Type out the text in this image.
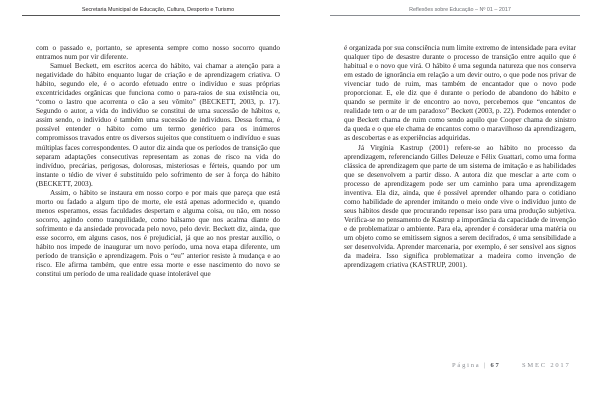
Secretaria Municipal de Educação, Cultura, Desporto e Turismo	Reflexões sobre Educação – Nº 01 – 2017

com o passado e, portanto, se apresenta sempre como nosso socorro quando entramos num por vir diferente.

Samuel Beckett, em escritos acerca do hábito, vai chamar a atenção para a negatividade do hábito enquanto lugar de criação e de aprendizagem criativa. O hábito, segundo ele, é o acordo efetuado entre o indivíduo e suas próprias excentricidades orgânicas que funciona como o para-raios de sua existência ou, “como o lastro que acorrenta o cão a seu vômito” (BECKETT, 2003, p. 17). Segundo o autor, a vida do indivíduo se constitui de uma sucessão de hábitos e, assim sendo, o indivíduo é também uma sucessão de indivíduos. Dessa forma, é possível entender o hábito como um termo genérico para os inúmeros compromissos travados entre os diversos sujeitos que constituem o indivíduo e suas múltiplas faces correspondentes. O autor diz ainda que os períodos de transição que separam adaptações consecutivas representam as zonas de risco na vida do indivíduo, precárias, perigosas, dolorosas, misteriosas e férteis, quando por um instante o tédio de viver é substituído pelo sofrimento de ser à força do hábito (BECKETT, 2003).

Assim, o hábito se instaura em nosso corpo e por mais que pareça que está morto ou fadado a algum tipo de morte, ele está apenas adormecido e, quando menos esperamos, essas faculdades despertam e alguma coisa, ou não, em nosso socorro, agindo como tranquilidade, como bálsamo que nos acalma diante do sofrimento e da ansiedade provocada pelo novo, pelo devir. Beckett diz, ainda, que esse socorro, em alguns casos, nos é prejudicial, já que ao nos prestar auxílio, o hábito nos impede de inaugurar um novo período, uma nova etapa diferente, um período de transição e aprendizagem. Pois o “eu” anterior resiste à mudança e ao risco. Ele afirma também, que entre essa morte e esse nascimento do novo se constitui um período de uma realidade quase intolerável que

é organizada por sua consciência num limite extremo de intensidade para evitar qualquer tipo de desastre durante o processo de transição entre aquilo que é habitual e o novo que virá. O hábito é uma segunda natureza que nos conserva em estado de ignorância em relação a um devir outro, o que pode nos privar de vivenciar tudo de ruim, mas também de encantador que o novo pode proporcionar. E, ele diz que é durante o período de abandono do hábito e quando se permite ir de encontro ao novo, percebemos que “encantos de realidade tem o ar de um paradoxo” Beckett (2003, p. 22). Podemos entender o que Beckett chama de ruim como sendo aquilo que Cooper chama de sinistro da queda e o que ele chama de encantos como o maravilhoso da aprendizagem, as descobertas e as experiências adquiridas.

Já Virgínia Kastrup (2001) refere-se ao hábito no processo da aprendizagem, referenciando Gilles Deleuze e Félix Guattari, como uma forma clássica de aprendizagem que parte de um sistema de imitação e as habilidades que se desenvolvem a partir disso. A autora diz que mesclar a arte com o processo de aprendizagem pode ser um caminho para uma aprendizagem inventiva. Ela diz, ainda, que é possível aprender olhando para o cotidiano como habilidade de aprender imitando o meio onde vive o indivíduo junto de seus hábitos desde que procurando repensar isso para uma produção subjetiva. Verifica-se no pensamento de Kastrup a importância da capacidade de invenção e de problematizar o ambiente. Para ela, aprender é considerar uma matéria ou um objeto como se emitissem signos a serem decifrados, é uma sensibilidade a ser desenvolvida. Aprender marcenaria, por exemplo, é ser sensível aos signos da madeira. Isso significa problematizar a madeira como invenção de aprendizagem criativa (KASTRUP, 2001).

Página | 67	SMEC 2017
